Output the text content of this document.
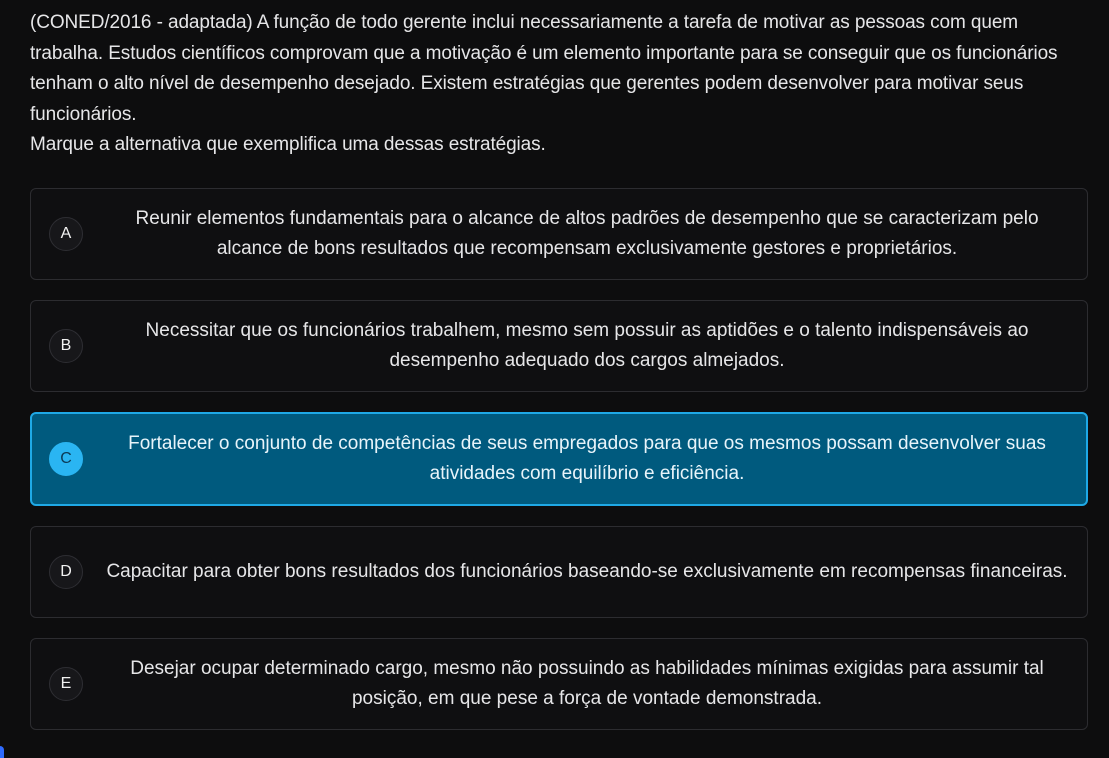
(CONED/2016 - adaptada) A função de todo gerente inclui necessariamente a tarefa de motivar as pessoas com quem trabalha. Estudos científicos comprovam que a motivação é um elemento importante para se conseguir que os funcionários tenham o alto nível de desempenho desejado. Existem estratégias que gerentes podem desenvolver para motivar seus funcionários.

Marque a alternativa que exemplifica uma dessas estratégias.

A
Reunir elementos fundamentais para o alcance de altos padrões de desempenho que se caracterizam pelo alcance de bons resultados que recompensam exclusivamente gestores e proprietários.
B
Necessitar que os funcionários trabalhem, mesmo sem possuir as aptidões e o talento indispensáveis ao desempenho adequado dos cargos almejados.
C
Fortalecer o conjunto de competências de seus empregados para que os mesmos possam desenvolver suas atividades com equilíbrio e eficiência.
D	Capacitar para obter bons resultados dos funcionários baseando-se exclusivamente em recompensas financeiras.
E
Desejar ocupar determinado cargo, mesmo não possuindo as habilidades mínimas exigidas para assumir tal posição, em que pese a força de vontade demonstrada.
